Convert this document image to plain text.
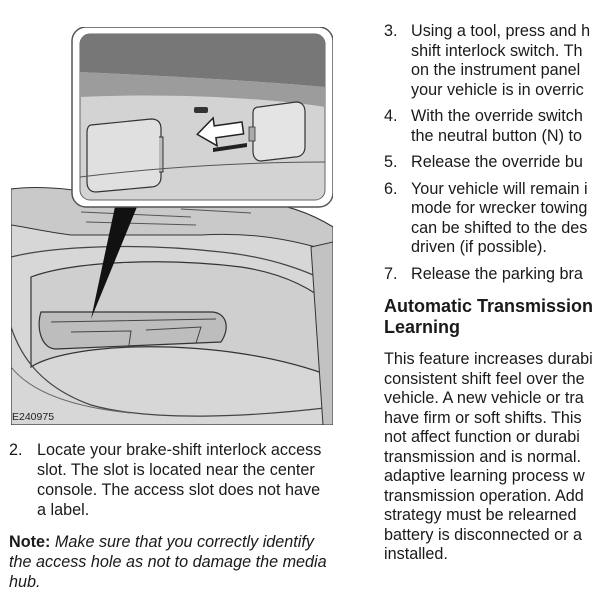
E240975
2. Locate your brake-shift interlock access
slot. The slot is located near the center
console. The access slot does not have
a label.
Note: Make sure that you correctly identify
the access hole as not to damage the media
hub.
3. Using a tool, press and h
shift interlock switch. Th
on the instrument panel
your vehicle is in overric
4. With the override switch
the neutral button (N) to
5. Release the override bu
6. Your vehicle will remain i
mode for wrecker towing
can be shifted to the des
driven (if possible).
7. Release the parking bra
Automatic Transmission
Learning
This feature increases durabi
consistent shift feel over the
vehicle. A new vehicle or tra
have firm or soft shifts. This
not affect function or durabi
transmission and is normal.
adaptive learning process w
transmission operation. Add
strategy must be relearned
battery is disconnected or a
installed.
